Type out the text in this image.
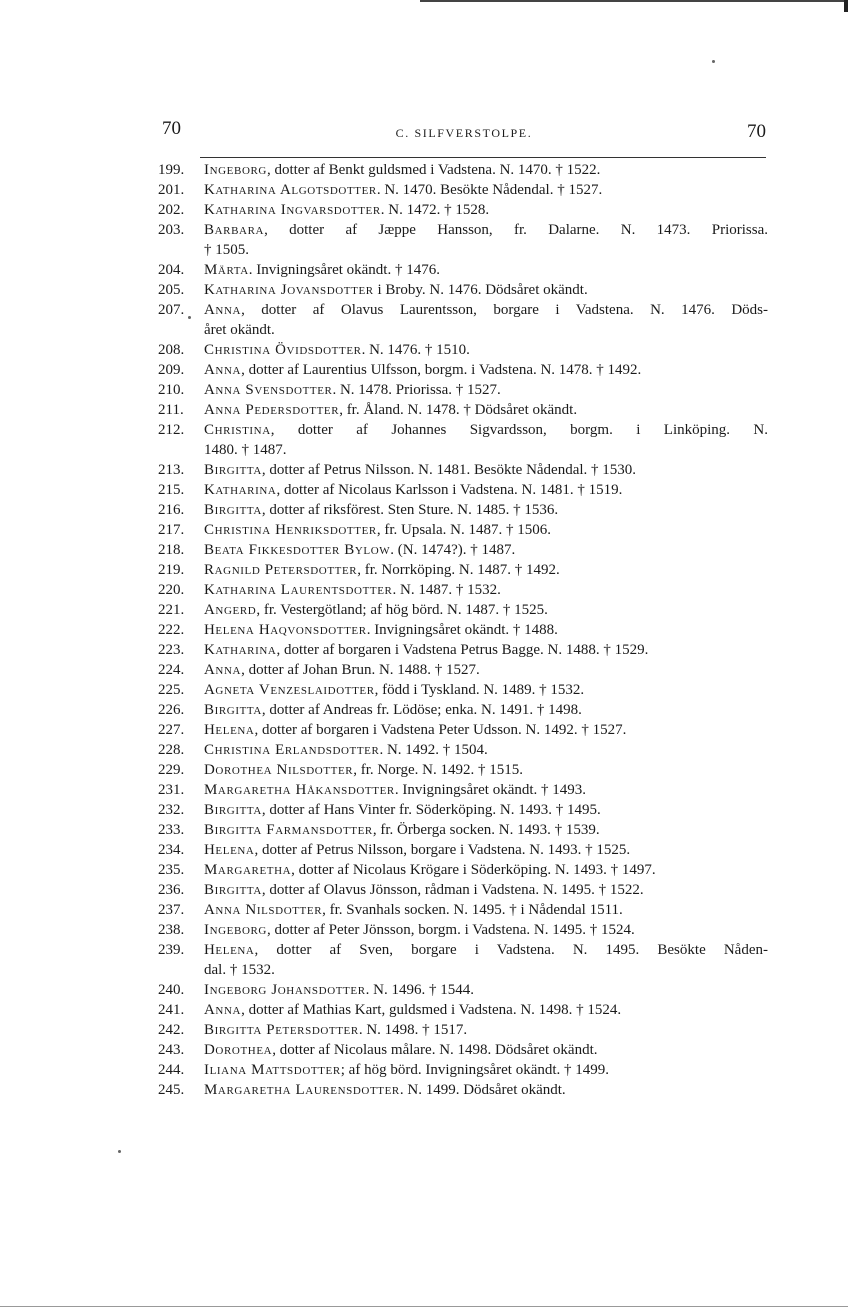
70	C. SILFVERSTOLPE.	70
199.	Ingeborg, dotter af Benkt guldsmed i Vadstena. N. 1470. † 1522.
201.	Katharina Algotsdotter. N. 1470. Besökte Nådendal. † 1527.
202.	Katharina Ingvarsdotter. N. 1472. † 1528.
203.	Barbara, dotter af Jæppe Hansson, fr. Dalarne. N. 1473. Priorissa.
† 1505.
204.	Märta. Invigningsåret okändt. † 1476.
205.	Katharina Jovansdotter i Broby. N. 1476. Dödsåret okändt.
207.	Anna, dotter af Olavus Laurentsson, borgare i Vadstena. N. 1476. Döds-
året okändt.
208.	Christina Övidsdotter. N. 1476. † 1510.
209.	Anna, dotter af Laurentius Ulfsson, borgm. i Vadstena. N. 1478. † 1492.
210.	Anna Svensdotter. N. 1478. Priorissa. † 1527.
211.	Anna Pedersdotter, fr. Åland. N. 1478. † Dödsåret okändt.
212.	Christina, dotter af Johannes Sigvardsson, borgm. i Linköping. N.
1480. † 1487.
213.	Birgitta, dotter af Petrus Nilsson. N. 1481. Besökte Nådendal. † 1530.
215.	Katharina, dotter af Nicolaus Karlsson i Vadstena. N. 1481. † 1519.
216.	Birgitta, dotter af riksförest. Sten Sture. N. 1485. † 1536.
217.	Christina Henriksdotter, fr. Upsala. N. 1487. † 1506.
218.	Beata Fikkesdotter Bylow. (N. 1474?). † 1487.
219.	Ragnild Petersdotter, fr. Norrköping. N. 1487. † 1492.
220.	Katharina Laurentsdotter. N. 1487. † 1532.
221.	Angerd, fr. Vestergötland; af hög börd. N. 1487. † 1525.
222.	Helena Haqvonsdotter. Invigningsåret okändt. † 1488.
223.	Katharina, dotter af borgaren i Vadstena Petrus Bagge. N. 1488. † 1529.
224.	Anna, dotter af Johan Brun. N. 1488. † 1527.
225.	Agneta Venzeslaidotter, född i Tyskland. N. 1489. † 1532.
226.	Birgitta, dotter af Andreas fr. Lödöse; enka. N. 1491. † 1498.
227.	Helena, dotter af borgaren i Vadstena Peter Udsson. N. 1492. † 1527.
228.	Christina Erlandsdotter. N. 1492. † 1504.
229.	Dorothea Nilsdotter, fr. Norge. N. 1492. † 1515.
231.	Margaretha Håkansdotter. Invigningsåret okändt. † 1493.
232.	Birgitta, dotter af Hans Vinter fr. Söderköping. N. 1493. † 1495.
233.	Birgitta Farmansdotter, fr. Örberga socken. N. 1493. † 1539.
234.	Helena, dotter af Petrus Nilsson, borgare i Vadstena. N. 1493. † 1525.
235.	Margaretha, dotter af Nicolaus Krögare i Söderköping. N. 1493. † 1497.
236.	Birgitta, dotter af Olavus Jönsson, rådman i Vadstena. N. 1495. † 1522.
237.	Anna Nilsdotter, fr. Svanhals socken. N. 1495. † i Nådendal 1511.
238.	Ingeborg, dotter af Peter Jönsson, borgm. i Vadstena. N. 1495. † 1524.
239.	Helena, dotter af Sven, borgare i Vadstena. N. 1495. Besökte Nåden-
dal. † 1532.
240.	Ingeborg Johansdotter. N. 1496. † 1544.
241.	Anna, dotter af Mathias Kart, guldsmed i Vadstena. N. 1498. † 1524.
242.	Birgitta Petersdotter. N. 1498. † 1517.
243.	Dorothea, dotter af Nicolaus målare. N. 1498. Dödsåret okändt.
244.	Iliana Mattsdotter; af hög börd. Invigningsåret okändt. † 1499.
245.	Margaretha Laurensdotter. N. 1499. Dödsåret okändt.
